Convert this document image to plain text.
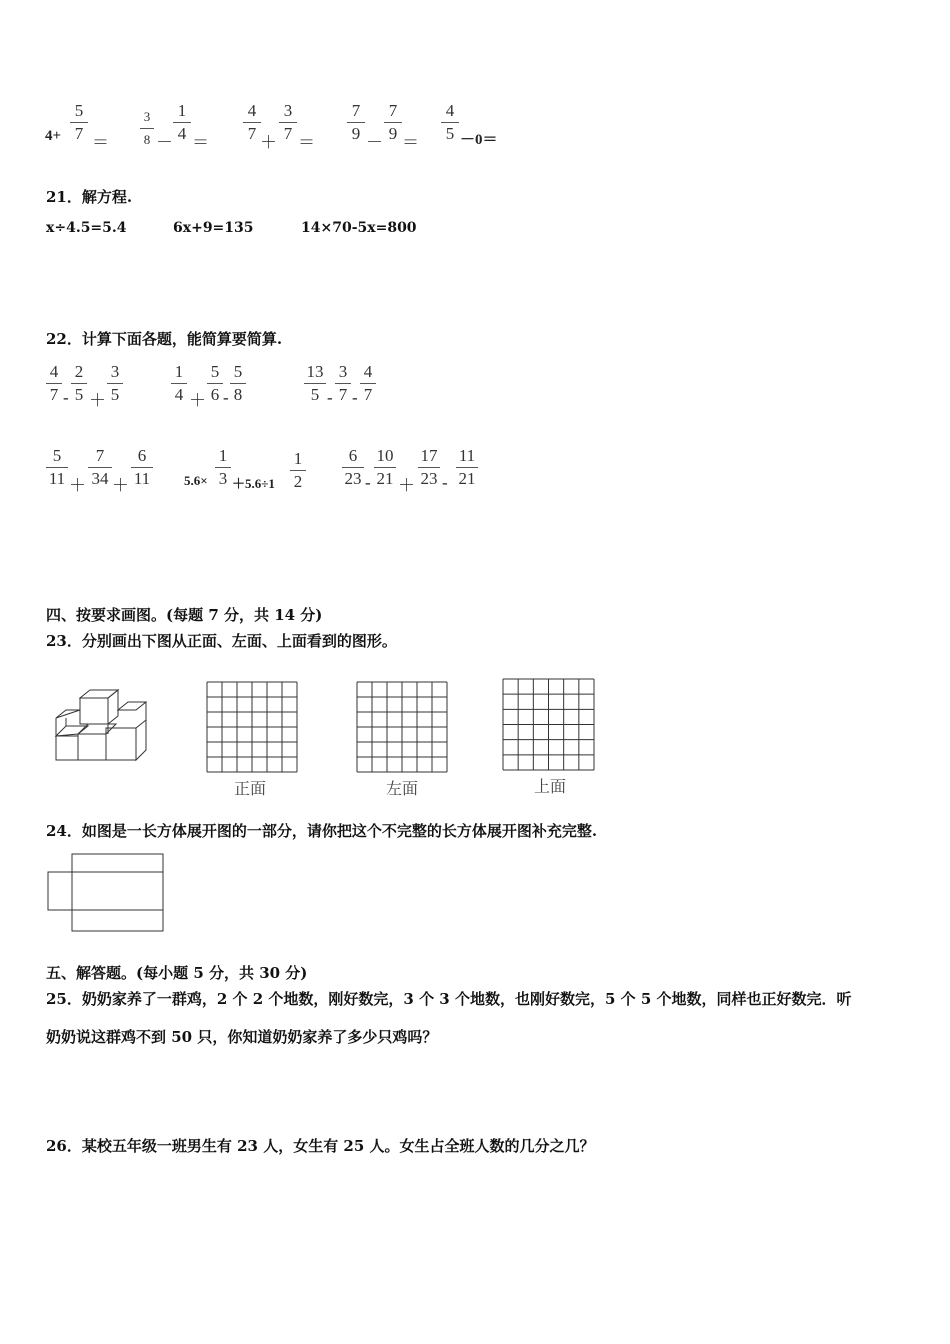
4+
5
7 ＝
3
8 －
1
4 ＝
4
7 ＋
3
7 ＝
7
9 －
7
9 ＝
4
5 －0＝
21．解方程.
x÷4.5=5.4	6x+9=135	14×70-5x=800
22．计算下面各题，能简算要简算.
4
7 -
2
5 ＋
3
5
1
4 ＋
5
6 -
5
8
13
5 -
3
7 -
4
7
5
11 ＋
7
34 ＋
6
11	5.6×
1
3 ＋5.6÷1
1
2
6
23 -
10
21 ＋
17
23 -
11
21
四、按要求画图。(每题 7 分，共 14 分)
23．分别画出下图从正面、左面、上面看到的图形。
正面	左面	上面
24．如图是一长方体展开图的一部分，请你把这个不完整的长方体展开图补充完整.
五、解答题。(每小题 5 分，共 30 分)
25．奶奶家养了一群鸡，2 个 2 个地数，刚好数完，3 个 3 个地数，也刚好数完，5 个 5 个地数，同样也正好数完．听
奶奶说这群鸡不到 50 只，你知道奶奶家养了多少只鸡吗？
26．某校五年级一班男生有 23 人，女生有 25 人。女生占全班人数的几分之几？
